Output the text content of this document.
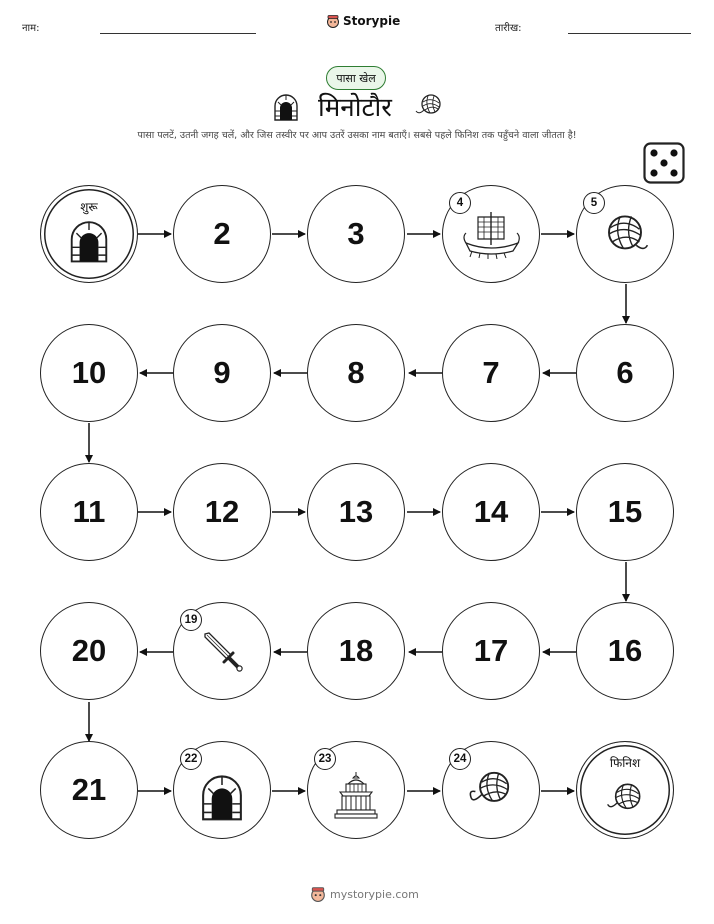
नाम:
Storypie
तारीख:
पासा खेल
मिनोटौर
पासा पलटें, उतनी जगह चलें, और जिस तस्वीर पर आप उतरें उसका नाम बताएँ। सबसे पहले फिनिश तक पहुँचने वाला जीतता है!
शुरू
2	3
4	5
10	9	8	7	6
11	12	13	14	15
20
19
18	17	16
21
22	23	24	फिनिश
mystorypie.com
